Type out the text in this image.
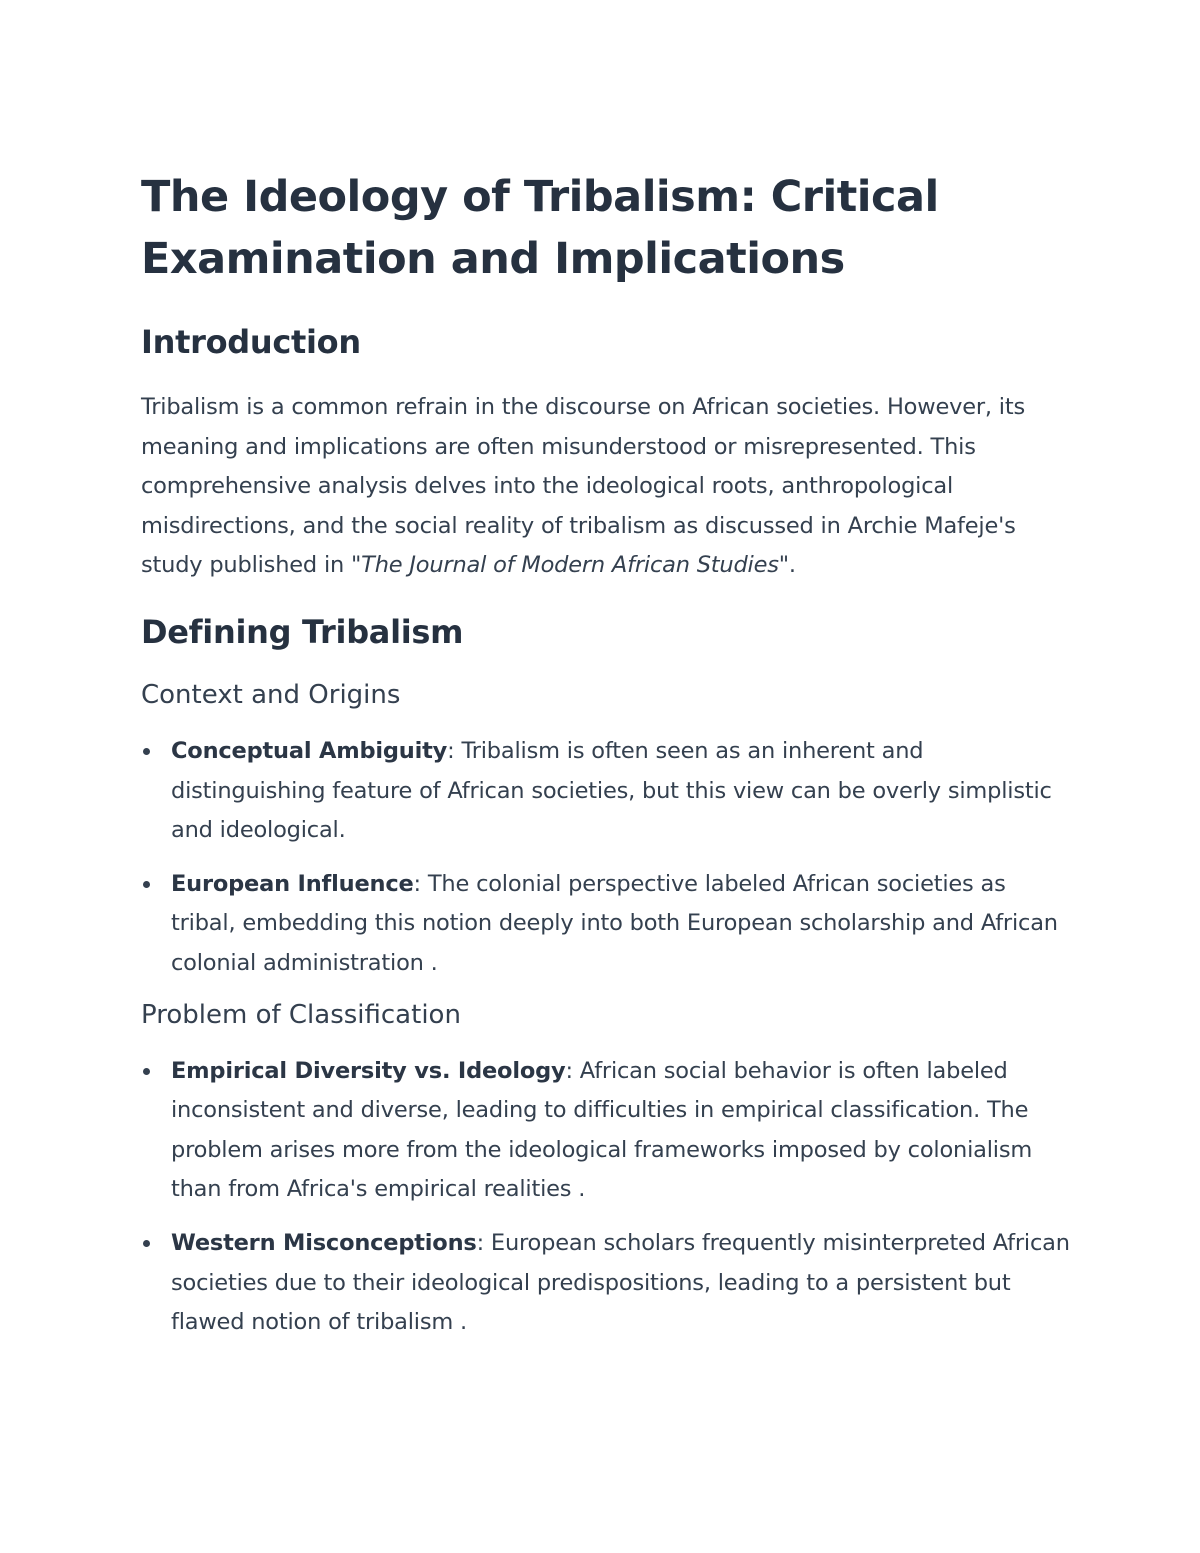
The Ideology of Tribalism: Critical Examination and Implications
Introduction

Tribalism is a common refrain in the discourse on African societies. However, its meaning and implications are often misunderstood or misrepresented. This comprehensive analysis delves into the ideological roots, anthropological misdirections, and the social reality of tribalism as discussed in Archie Mafeje's study published in "The Journal of Modern African Studies".

Defining Tribalism
Context and Origins
Conceptual Ambiguity: Tribalism is often seen as an inherent and distinguishing feature of African societies, but this view can be overly simplistic and ideological.
European Influence: The colonial perspective labeled African societies as tribal, embedding this notion deeply into both European scholarship and African colonial administration .
Problem of Classification
Empirical Diversity vs. Ideology: African social behavior is often labeled inconsistent and diverse, leading to difficulties in empirical classification. The problem arises more from the ideological frameworks imposed by colonialism than from Africa's empirical realities .
Western Misconceptions: European scholars frequently misinterpreted African societies due to their ideological predispositions, leading to a persistent but flawed notion of tribalism .
